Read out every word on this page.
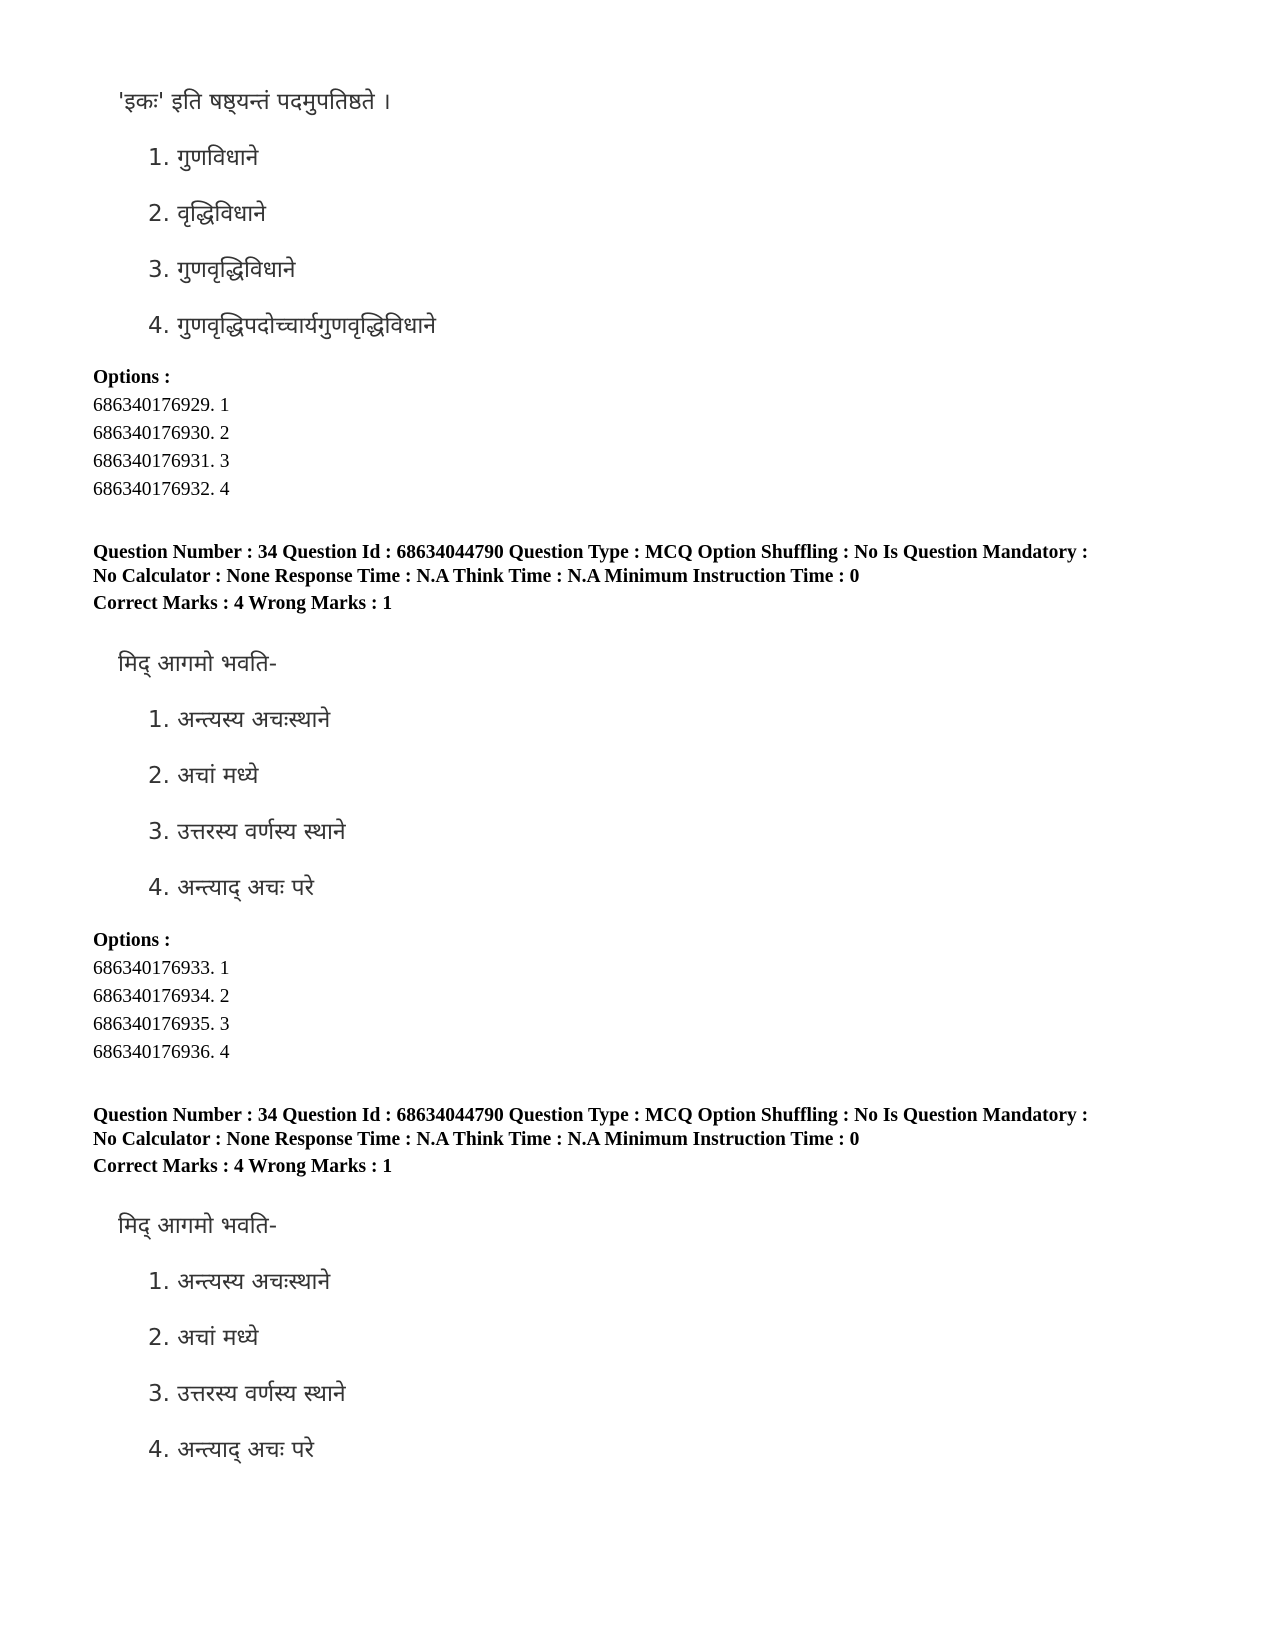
'इकः' इति षष्ठ्यन्तं पदमुपतिष्ठते ।
1. गुणविधाने
2. वृद्धिविधाने
3. गुणवृद्धिविधाने
4. गुणवृद्धिपदोच्चार्यगुणवृद्धिविधाने
Options :
686340176929. 1
686340176930. 2
686340176931. 3
686340176932. 4
Question Number : 34 Question Id : 68634044790 Question Type : MCQ Option Shuffling : No Is Question Mandatory :
No Calculator : None Response Time : N.A Think Time : N.A Minimum Instruction Time : 0
Correct Marks : 4 Wrong Marks : 1
मिद् आगमो भवति-
1. अन्त्यस्य अचःस्थाने
2. अचां मध्ये
3. उत्तरस्य वर्णस्य स्थाने
4. अन्त्याद् अचः परे
Options :
686340176933. 1
686340176934. 2
686340176935. 3
686340176936. 4
Question Number : 34 Question Id : 68634044790 Question Type : MCQ Option Shuffling : No Is Question Mandatory :
No Calculator : None Response Time : N.A Think Time : N.A Minimum Instruction Time : 0
Correct Marks : 4 Wrong Marks : 1
मिद् आगमो भवति-
1. अन्त्यस्य अचःस्थाने
2. अचां मध्ये
3. उत्तरस्य वर्णस्य स्थाने
4. अन्त्याद् अचः परे
